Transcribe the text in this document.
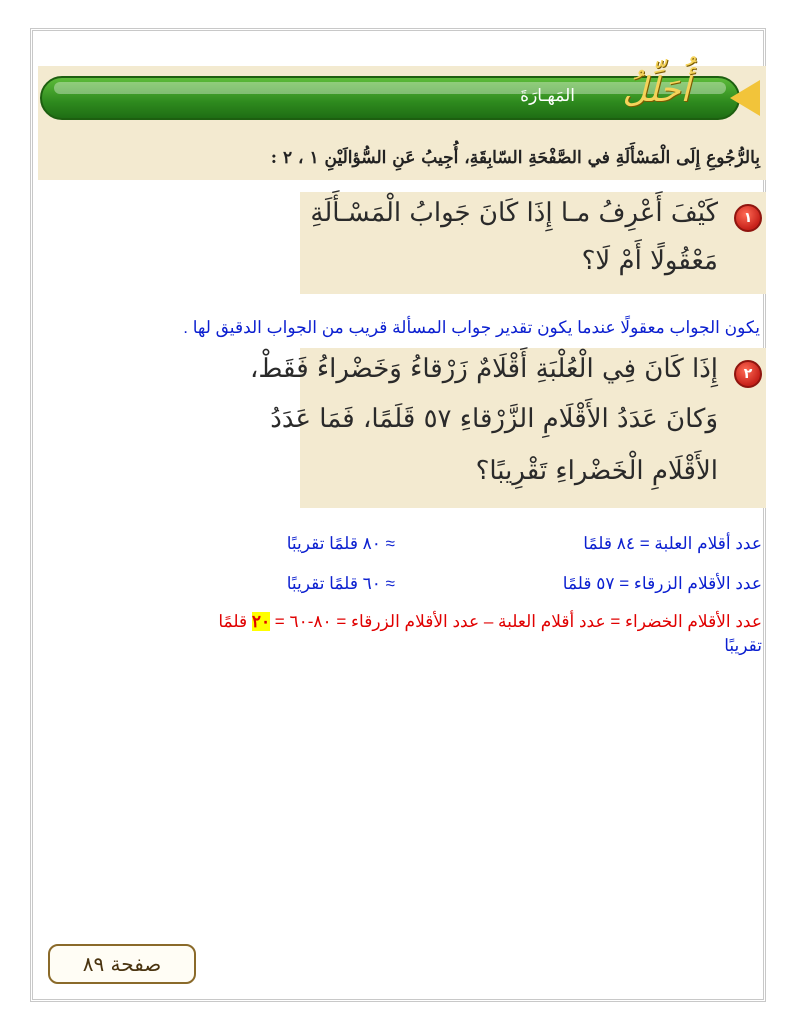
أُحَلِّلُ
المَهـارَةَ
بِالرُّجُوعِ إِلَى الْمَسْأَلَةِ في الصَّفْحَةِ السّابِقَةِ، أُجِيبُ عَنِ السُّؤالَيْنِ ١ ، ٢ :
١
كَيْفَ أَعْرِفُ مـا إِذَا كَانَ جَوابُ الْمَسْـأَلَةِ
مَعْقُولًا أَمْ لَا؟
يكون الجواب معقولًا عندما يكون تقدير جواب المسألة قريب من الجواب الدقيق لها .
٢
إِذَا كَانَ فِي الْعُلْبَةِ أَقْلَامٌ زَرْقاءُ وَخَضْراءُ فَقَطْ،
وَكانَ عَدَدُ الأَقْلَامِ الزَّرْقاءِ ٥٧ قَلَمًا، فَمَا عَدَدُ
الأَقْلَامِ الْخَضْراءِ تَقْرِيبًا؟
عدد أقلام العلبة = ٨٤ قلمًا
≈ ٨٠ قلمًا تقريبًا
عدد الأقلام الزرقاء = ٥٧ قلمًا
≈ ٦٠ قلمًا تقريبًا
عدد الأقلام الخضراء = عدد أقلام العلبة – عدد الأقلام الزرقاء = ٨٠-٦٠ = ٢٠ قلمًا
تقريبًا
صفحة ٨٩
